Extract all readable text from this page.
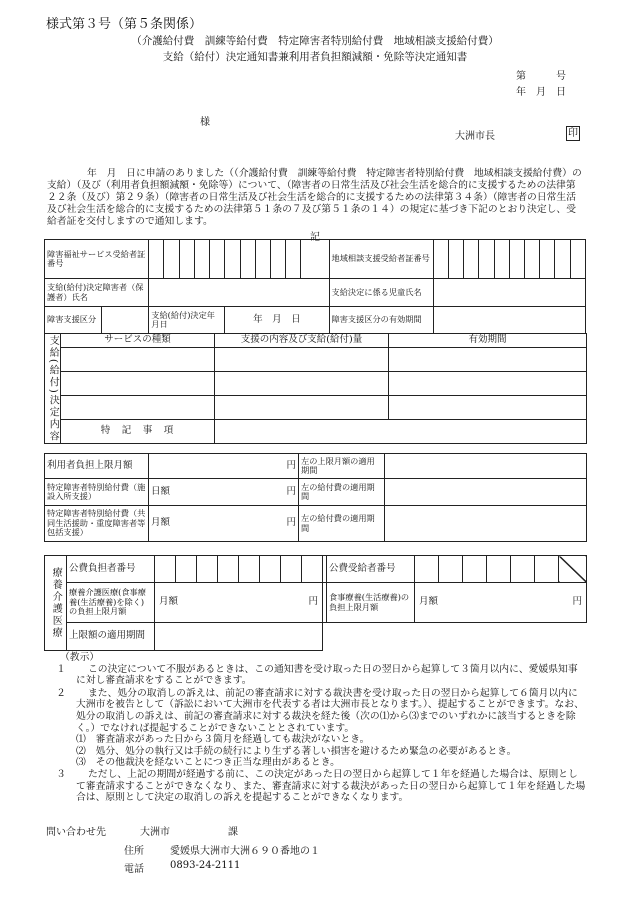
様式第３号（第５条関係）
（介護給付費　訓練等給付費　特定障害者特別給付費　地域相談支援給付費）
支給（給付）決定通知書兼利用者負担額減額・免除等決定通知書
第　　　号
年　月　日
様
大洲市長	印
年　月　日に申請のありました（（介護給付費　訓練等給付費　特定障害者特別給付費　地域相談支援給付費）の支給）（及び（利用者負担額減額・免除等）について、（障害者の日常生活及び社会生活を総合的に支援するための法律第２２条（及び）第２９条）（障害者の日常生活及び社会生活を総合的に支援するための法律第３４条）（障害者の日常生活及び社会生活を総合的に支援するための法律第５１条の７及び第５１条の１４）の規定に基づき下記のとおり決定し、受給者証を交付しますので通知します。
記
障害福祉サービス受給者証番号												地域相談支援受給者証番号										
支給(給付)決定障害者（保護者）氏名												支給決定に係る児童氏名										

障害支援区分	支給(給付)決定年月日					年　月　日						障害支援区分の有効期間										
支給(給付)決定内容	サービスの種類	支援の内容及び支給(給付)量	有効期間

	特　記　事　項		
利用者負担上限月額	円	左の上限月額の適用期間	
特定障害者特別給付費（施設入所支援）	日額 円	左の給付費の適用期間	
特定障害者特別給付費（共同生活援助・重度障害者等包括支援）	月額 円	左の給付費の適用期間	
療養介護医療	公費負担者番号										公費受給者番号							
	療養介護医療(食事療養(生活療養)を除く)の負担上限月額	月額 円									食事療養(生活療養)の負担上限月額	月額 円						

	上限額の適用期間																	

（教示）

１	この決定について不服があるときは、この通知書を受け取った日の翌日から起算して３箇月以内に、愛媛県知事に対し審査請求をすることができます。

２	また、処分の取消しの訴えは、前記の審査請求に対する裁決書を受け取った日の翌日から起算して６箇月以内に大洲市を被告として（訴訟において大洲市を代表する者は大洲市長となります。）、提起することができます。なお、処分の取消しの訴えは、前記の審査請求に対する裁決を経た後（次の⑴から⑶までのいずれかに該当するときを除く。）でなければ提起することができないこととされています。

⑴　審査請求があった日から３箇月を経過しても裁決がないとき。

⑵　処分、処分の執行又は手続の続行により生ずる著しい損害を避けるため緊急の必要があるとき。

⑶　その他裁決を経ないことにつき正当な理由があるとき。

３	ただし、上記の期間が経過する前に、この決定があった日の翌日から起算して１年を経過した場合は、原則として審査請求することができなくなり、また、審査請求に対する裁決があった日の翌日から起算して１年を経過した場合は、原則として決定の取消しの訴えを提起することができなくなります。

問い合わせ先	大洲市	課
住所	愛媛県大洲市大洲６９０番地の１
電話	0893-24-2111
